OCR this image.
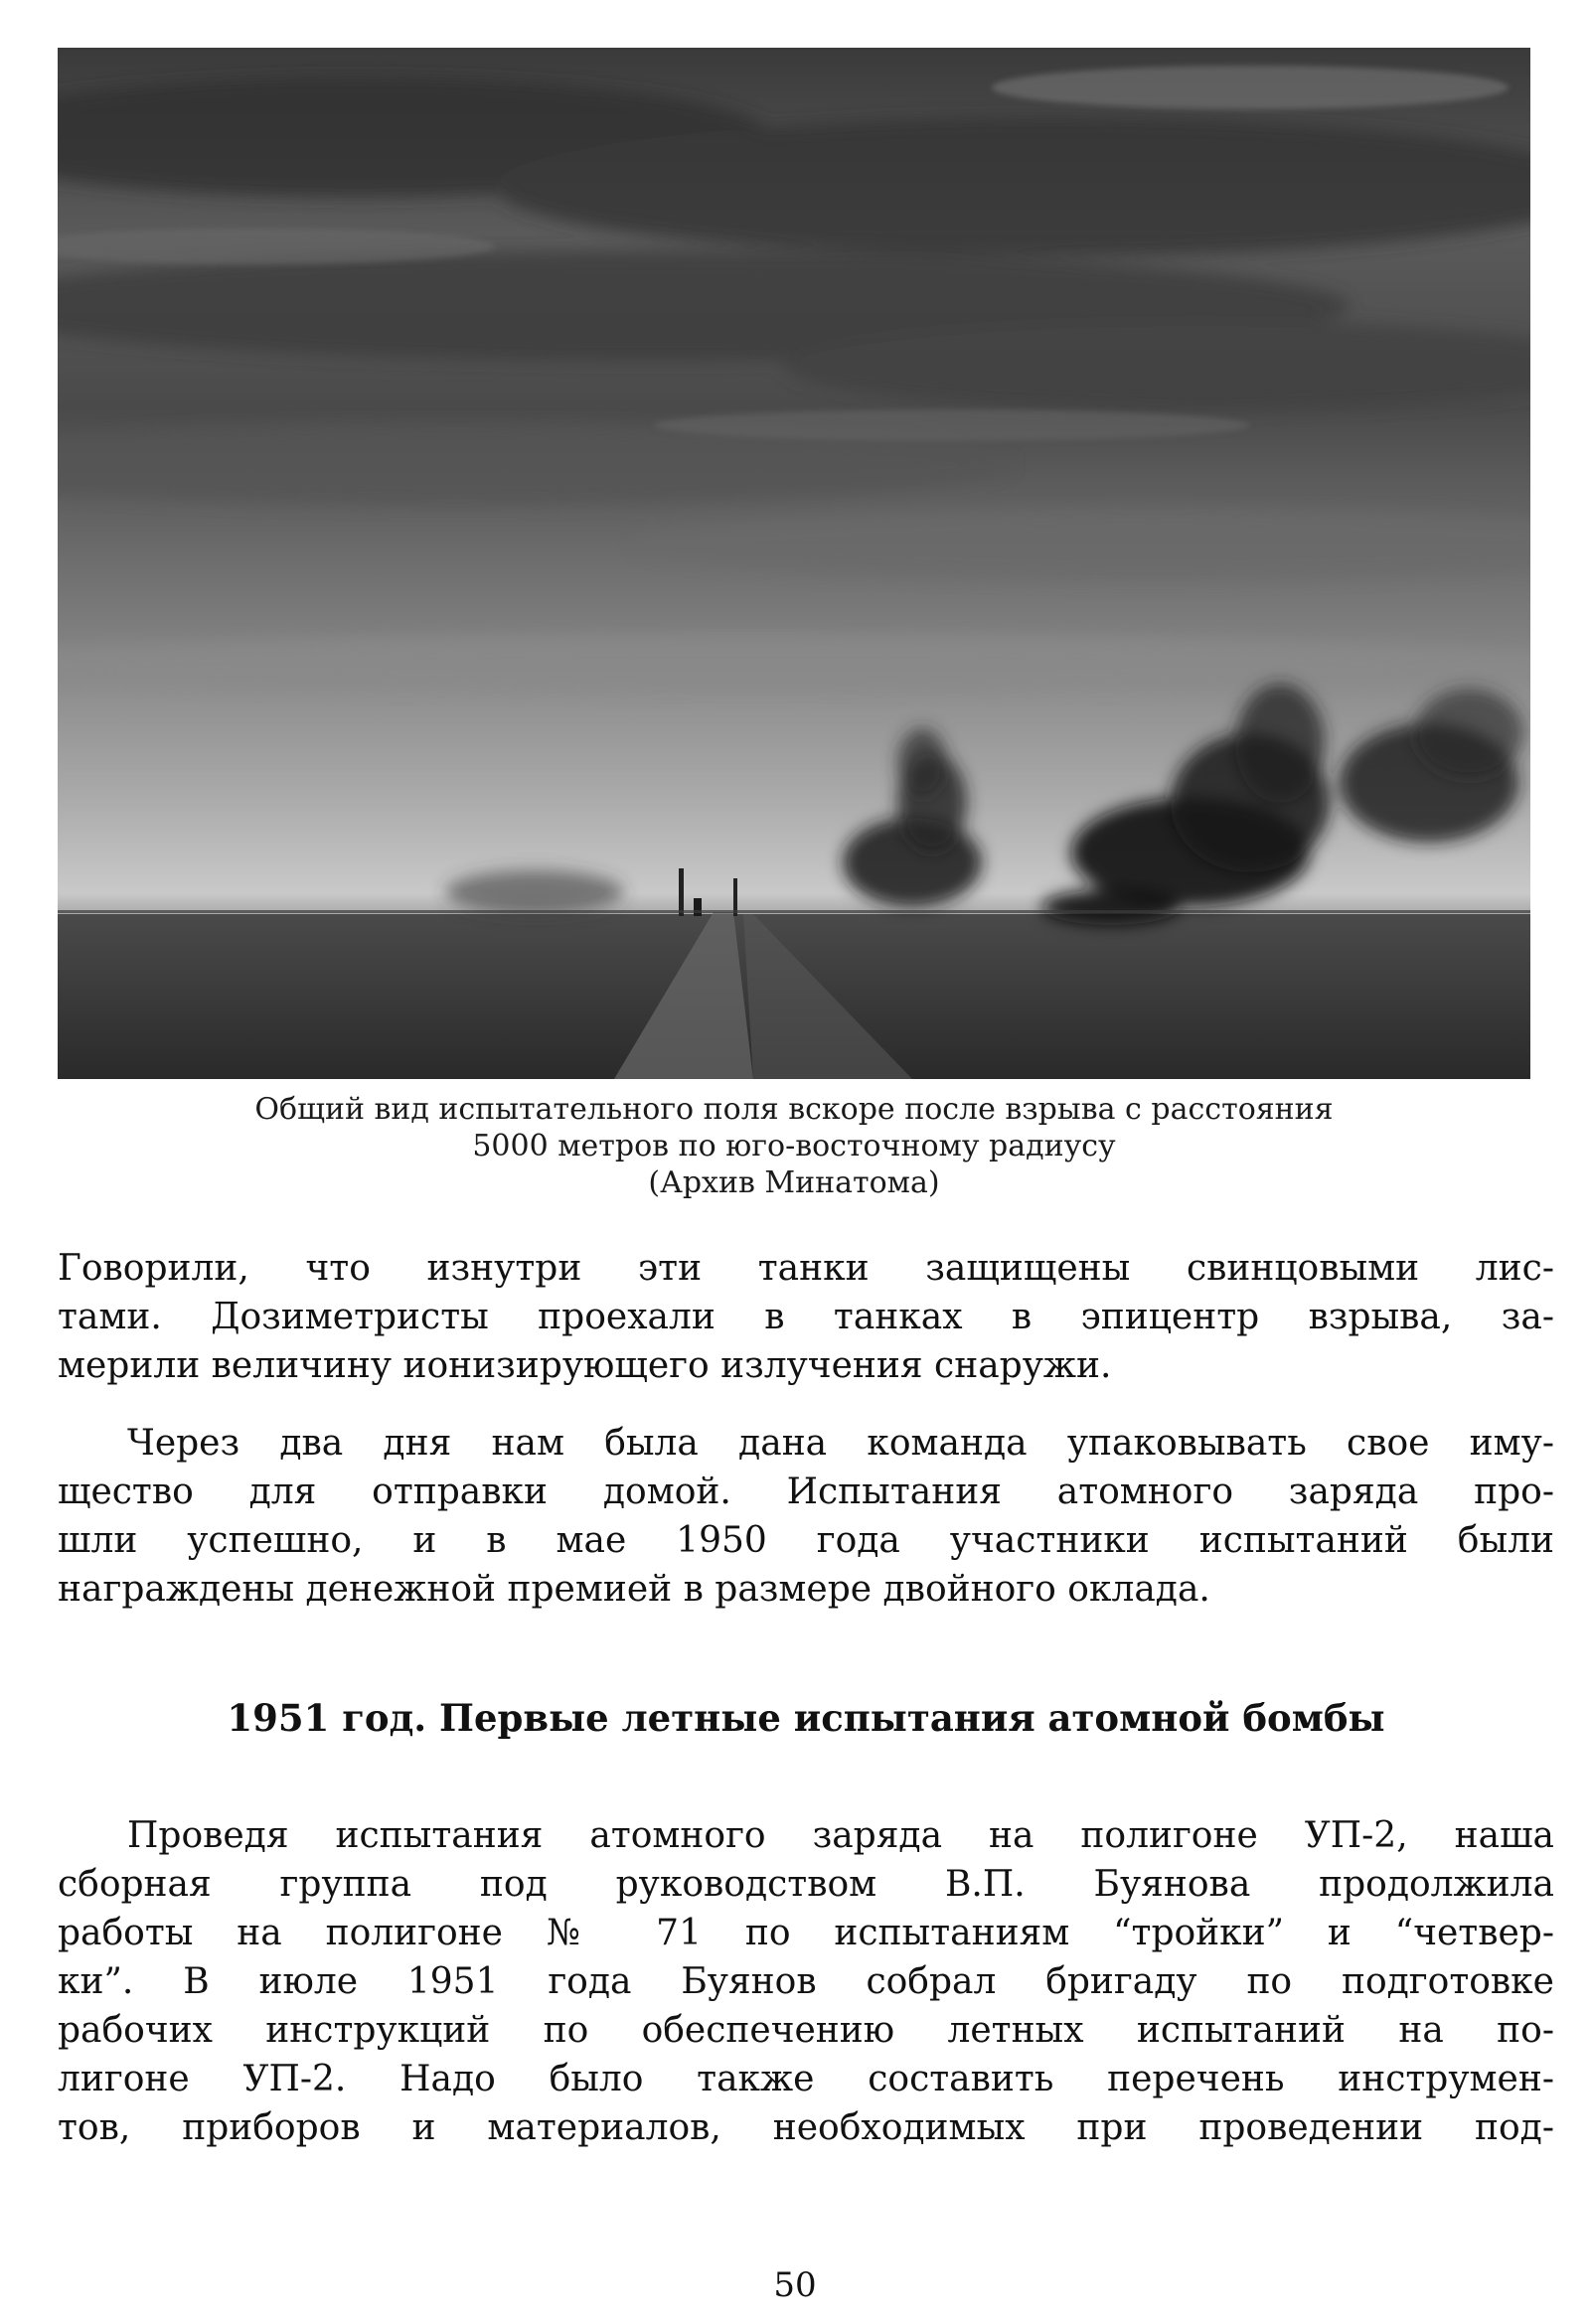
Общий вид испытательного поля вскоре после взрыва с расстояния
5000 метров по юго-восточному радиусу
(Архив Минатома)
Говорили, что изнутри эти танки защищены свинцовыми лис-
тами. Дозиметристы проехали в танках в эпицентр взрыва, за-
мерили величину ионизирующего излучения снаружи.
Через два дня нам была дана команда упаковывать свое иму-
щество для отправки домой. Испытания атомного заряда про-
шли успешно, и в мае 1950 года участники испытаний были
награждены денежной премией в размере двойного оклада.
1951 год. Первые летные испытания атомной бомбы
Проведя испытания атомного заряда на полигоне УП-2, наша
сборная группа под руководством В.П. Буянова продолжила
работы на полигоне № 71 по испытаниям “тройки” и “четвер-
ки”. В июле 1951 года Буянов собрал бригаду по подготовке
рабочих инструкций по обеспечению летных испытаний на по-
лигоне УП-2. Надо было также составить перечень инструмен-
тов, приборов и материалов, необходимых при проведении под-
50
